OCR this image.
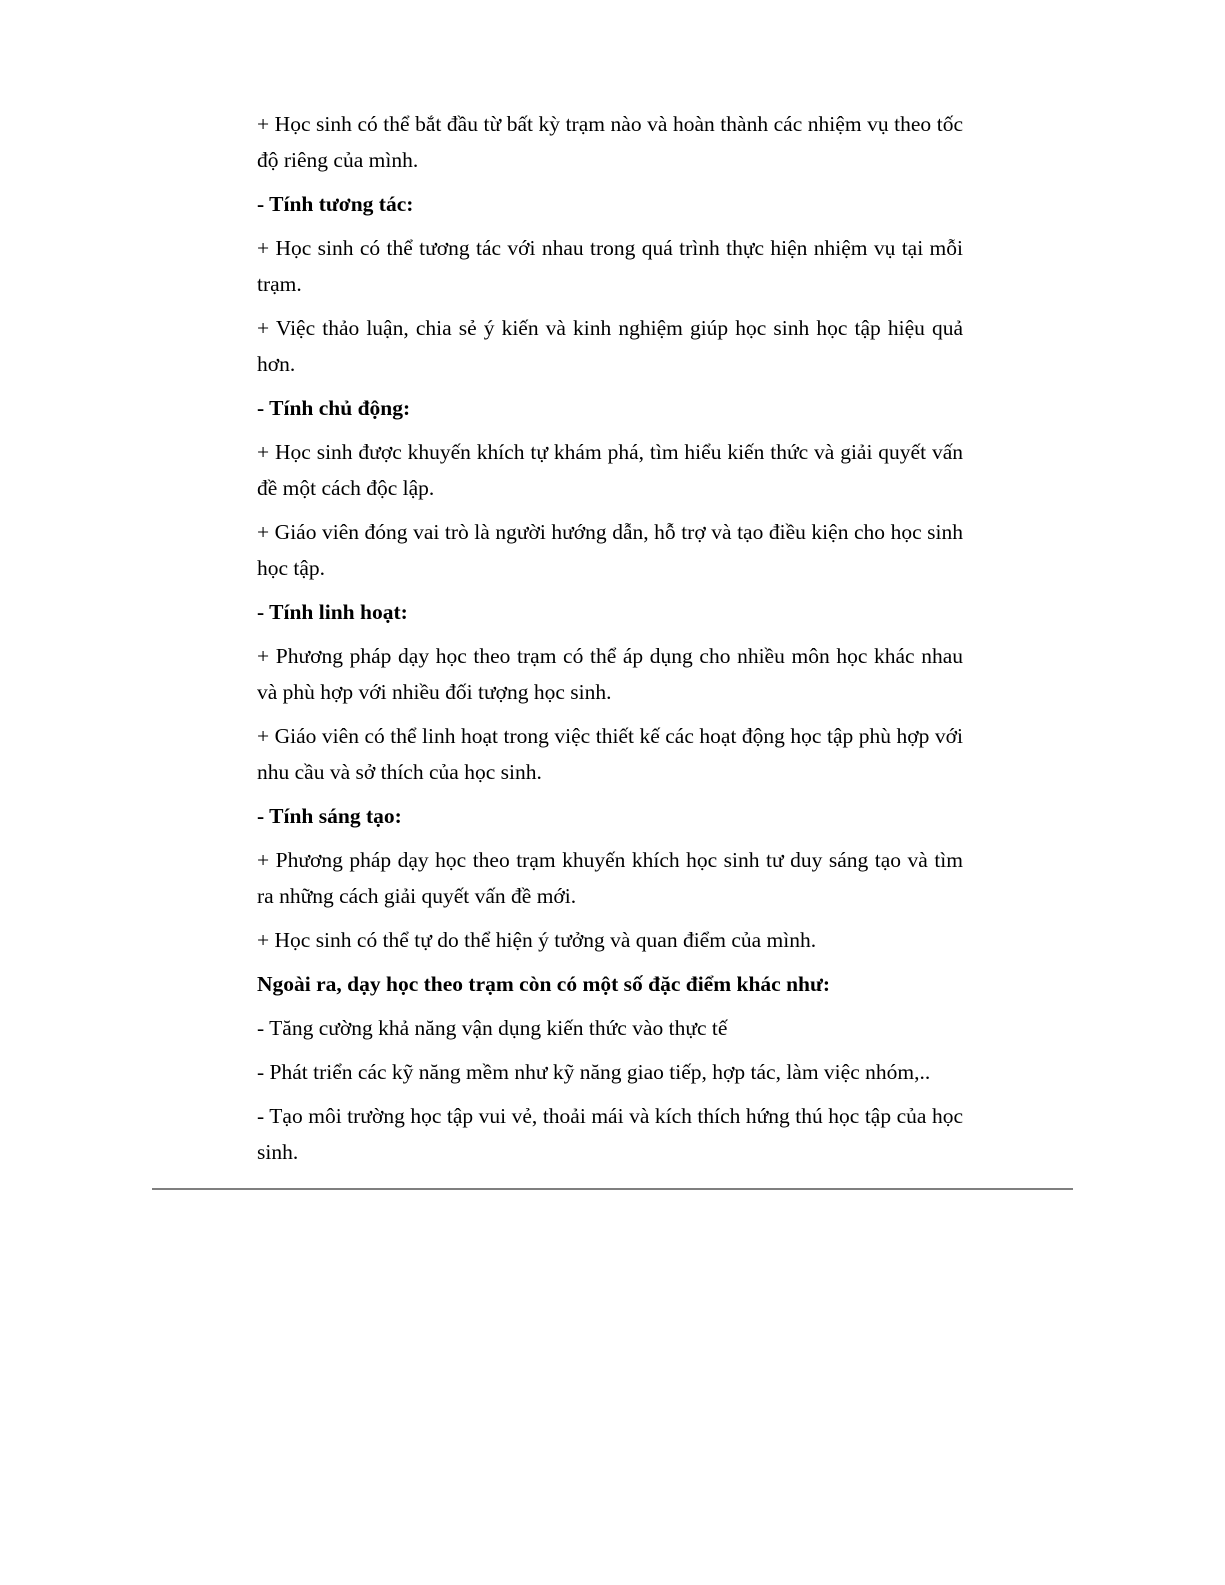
+ Học sinh có thể bắt đầu từ bất kỳ trạm nào và hoàn thành các nhiệm vụ theo tốc độ riêng của mình.

- Tính tương tác:

+ Học sinh có thể tương tác với nhau trong quá trình thực hiện nhiệm vụ tại mỗi trạm.

+ Việc thảo luận, chia sẻ ý kiến và kinh nghiệm giúp học sinh học tập hiệu quả hơn.

- Tính chủ động:

+ Học sinh được khuyến khích tự khám phá, tìm hiểu kiến thức và giải quyết vấn đề một cách độc lập.

+ Giáo viên đóng vai trò là người hướng dẫn, hỗ trợ và tạo điều kiện cho học sinh học tập.

- Tính linh hoạt:

+ Phương pháp dạy học theo trạm có thể áp dụng cho nhiều môn học khác nhau và phù hợp với nhiều đối tượng học sinh.

+ Giáo viên có thể linh hoạt trong việc thiết kế các hoạt động học tập phù hợp với nhu cầu và sở thích của học sinh.

- Tính sáng tạo:

+ Phương pháp dạy học theo trạm khuyến khích học sinh tư duy sáng tạo và tìm ra những cách giải quyết vấn đề mới.

+ Học sinh có thể tự do thể hiện ý tưởng và quan điểm của mình.

Ngoài ra, dạy học theo trạm còn có một số đặc điểm khác như:

- Tăng cường khả năng vận dụng kiến thức vào thực tế

- Phát triển các kỹ năng mềm như kỹ năng giao tiếp, hợp tác, làm việc nhóm,..

- Tạo môi trường học tập vui vẻ, thoải mái và kích thích hứng thú học tập của học sinh.
